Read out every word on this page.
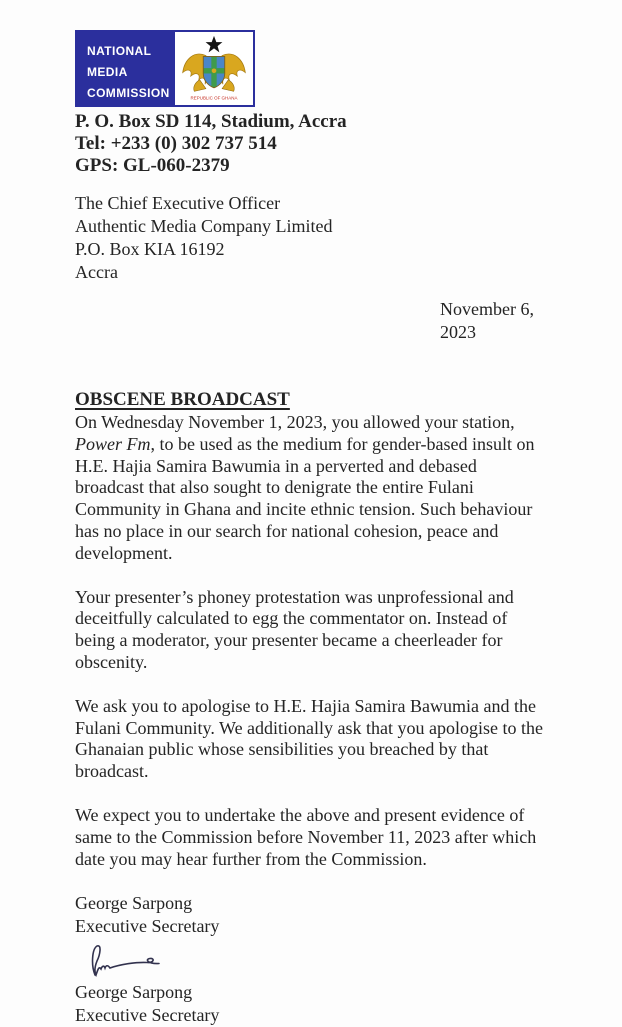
NATIONAL
MEDIA
COMMISSION	REPUBLIC OF GHANA
P. O. Box SD 114, Stadium, Accra
Tel: +233 (0) 302 737 514
GPS: GL-060-2379
The Chief Executive Officer
Authentic Media Company Limited
P.O. Box KIA 16192
Accra
November 6,
2023
OBSCENE BROADCAST

On Wednesday November 1, 2023, you allowed your station, Power Fm, to be used as the medium for gender-based insult on H.E. Hajia Samira Bawumia in a perverted and debased broadcast that also sought to denigrate the entire Fulani Community in Ghana and incite ethnic tension. Such behaviour has no place in our search for national cohesion, peace and development.

Your presenter’s phoney protestation was unprofessional and deceitfully calculated to egg the commentator on. Instead of being a moderator, your presenter became a cheerleader for obscenity.

We ask you to apologise to H.E. Hajia Samira Bawumia and the Fulani Community. We additionally ask that you apologise to the Ghanaian public whose sensibilities you breached by that broadcast.

We expect you to undertake the above and present evidence of same to the Commission before November 11, 2023 after which date you may hear further from the Commission.

George Sarpong
Executive Secretary
George Sarpong
Executive Secretary
